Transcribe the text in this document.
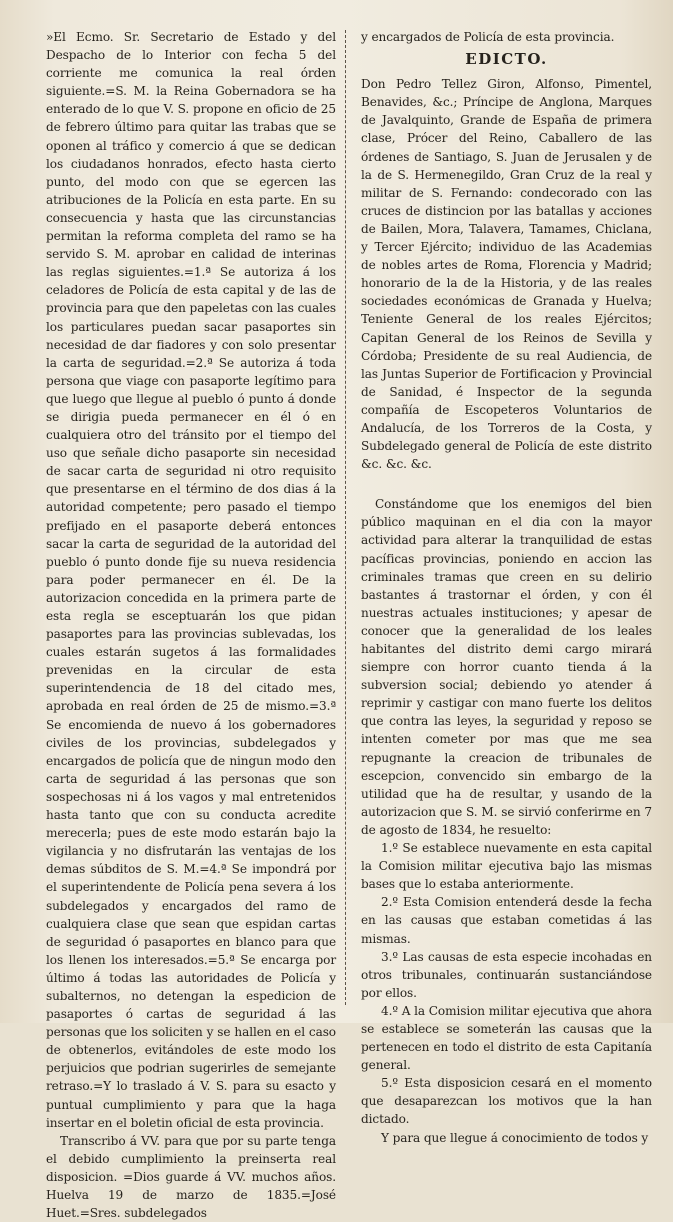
»El Ecmo. Sr. Secretario de Estado y del Despacho de lo Interior con fecha 5 del corriente me comunica la real órden siguiente.=S. M. la Reina Gobernadora se ha enterado de lo que V. S. propone en oficio de 25 de febrero último para quitar las trabas que se oponen al tráfico y comercio á que se dedican los ciudadanos honrados, efecto hasta cierto punto, del modo con que se egercen las atribuciones de la Policía en esta parte. En su consecuencia y hasta que las circunstancias permitan la reforma completa del ramo se ha servido S. M. aprobar en calidad de interinas las reglas siguientes.=1.ª Se autoriza á los celadores de Policía de esta capital y de las de provincia para que den papeletas con las cuales los particulares puedan sacar pasaportes sin necesidad de dar fiadores y con solo presentar la carta de seguridad.=2.ª Se autoriza á toda persona que viage con pasaporte legítimo para que luego que llegue al pueblo ó punto á donde se dirigia pueda permanecer en él ó en cualquiera otro del tránsito por el tiempo del uso que señale dicho pasaporte sin necesidad de sacar carta de seguridad ni otro requisito que presentarse en el término de dos dias á la autoridad competente; pero pasado el tiempo prefijado en el pasaporte deberá entonces sacar la carta de seguridad de la autoridad del pueblo ó punto donde fije su nueva residencia para poder permanecer en él. De la autorizacion concedida en la primera parte de esta regla se esceptuarán los que pidan pasaportes para las provincias sublevadas, los cuales estarán sugetos á las formalidades prevenidas en la circular de esta superintendencia de 18 del citado mes, aprobada en real órden de 25 de mismo.=3.ª Se encomienda de nuevo á los gobernadores civiles de los provincias, subdelegados y encargados de policía que de ningun modo den carta de seguridad á las personas que son sospechosas ni á los vagos y mal entretenidos hasta tanto que con su conducta acredite merecerla; pues de este modo estarán bajo la vigilancia y no disfrutarán las ventajas de los demas súbditos de S. M.=4.ª Se impondrá por el superintendente de Policía pena severa á los subdelegados y encargados del ramo de cualquiera clase que sean que espidan cartas de seguridad ó pasaportes en blanco para que los llenen los interesados.=5.ª Se encarga por último á todas las autoridades de Policía y subalternos, no detengan la espedicion de pasaportes ó cartas de seguridad á las personas que los soliciten y se hallen en el caso de obtenerlos, evitándoles de este modo los perjuicios que podrian sugerirles de semejante retraso.=Y lo traslado á V. S. para su esacto y puntual cumplimiento y para que la haga insertar en el boletin oficial de esta provincia.

Transcribo á VV. para que por su parte tenga el debido cumplimiento la preinserta real disposicion. =Dios guarde á VV. muchos años. Huelva 19 de marzo de 1835.=José Huet.=Sres. subdelegados

y encargados de Policía de esta provincia.

EDICTO.

Don Pedro Tellez Giron, Alfonso, Pimentel, Benavides, &c.; Príncipe de Anglona, Marques de Javalquinto, Grande de España de primera clase, Prócer del Reino, Caballero de las órdenes de Santiago, S. Juan de Jerusalen y de la de S. Hermenegildo, Gran Cruz de la real y militar de S. Fernando: condecorado con las cruces de distincion por las batallas y acciones de Bailen, Mora, Talavera, Tamames, Chiclana, y Tercer Ejército; individuo de las Academias de nobles artes de Roma, Florencia y Madrid; honorario de la de la Historia, y de las reales sociedades económicas de Granada y Huelva; Teniente General de los reales Ejércitos; Capitan General de los Reinos de Sevilla y Córdoba; Presidente de su real Audiencia, de las Juntas Superior de Fortificacion y Provincial de Sanidad, é Inspector de la segunda compañía de Escopeteros Voluntarios de Andalucía, de los Torreros de la Costa, y Subdelegado general de Policía de este distrito &c. &c. &c.

Constándome que los enemigos del bien público maquinan en el dia con la mayor actividad para alterar la tranquilidad de estas pacíficas provincias, poniendo en accion las criminales tramas que creen en su delirio bastantes á trastornar el órden, y con él nuestras actuales instituciones; y apesar de conocer que la generalidad de los leales habitantes del distrito demi cargo mirará siempre con horror cuanto tienda á la subversion social; debiendo yo atender á reprimir y castigar con mano fuerte los delitos que contra las leyes, la seguridad y reposo se intenten cometer por mas que me sea repugnante la creacion de tribunales de escepcion, convencido sin embargo de la utilidad que ha de resultar, y usando de la autorizacion que S. M. se sirvió conferirme en 7 de agosto de 1834, he resuelto:

1.º Se establece nuevamente en esta capital la Comision militar ejecutiva bajo las mismas bases que lo estaba anteriormente.

2.º Esta Comision entenderá desde la fecha en las causas que estaban cometidas á las mismas.

3.º Las causas de esta especie incohadas en otros tribunales, continuarán sustanciándose por ellos.

4.º A la Comision militar ejecutiva que ahora se establece se someterán las causas que la pertenecen en todo el distrito de esta Capitanía general.

5.º Esta disposicion cesará en el momento que desaparezcan los motivos que la han dictado.

Y para que llegue á conocimiento de todos y
